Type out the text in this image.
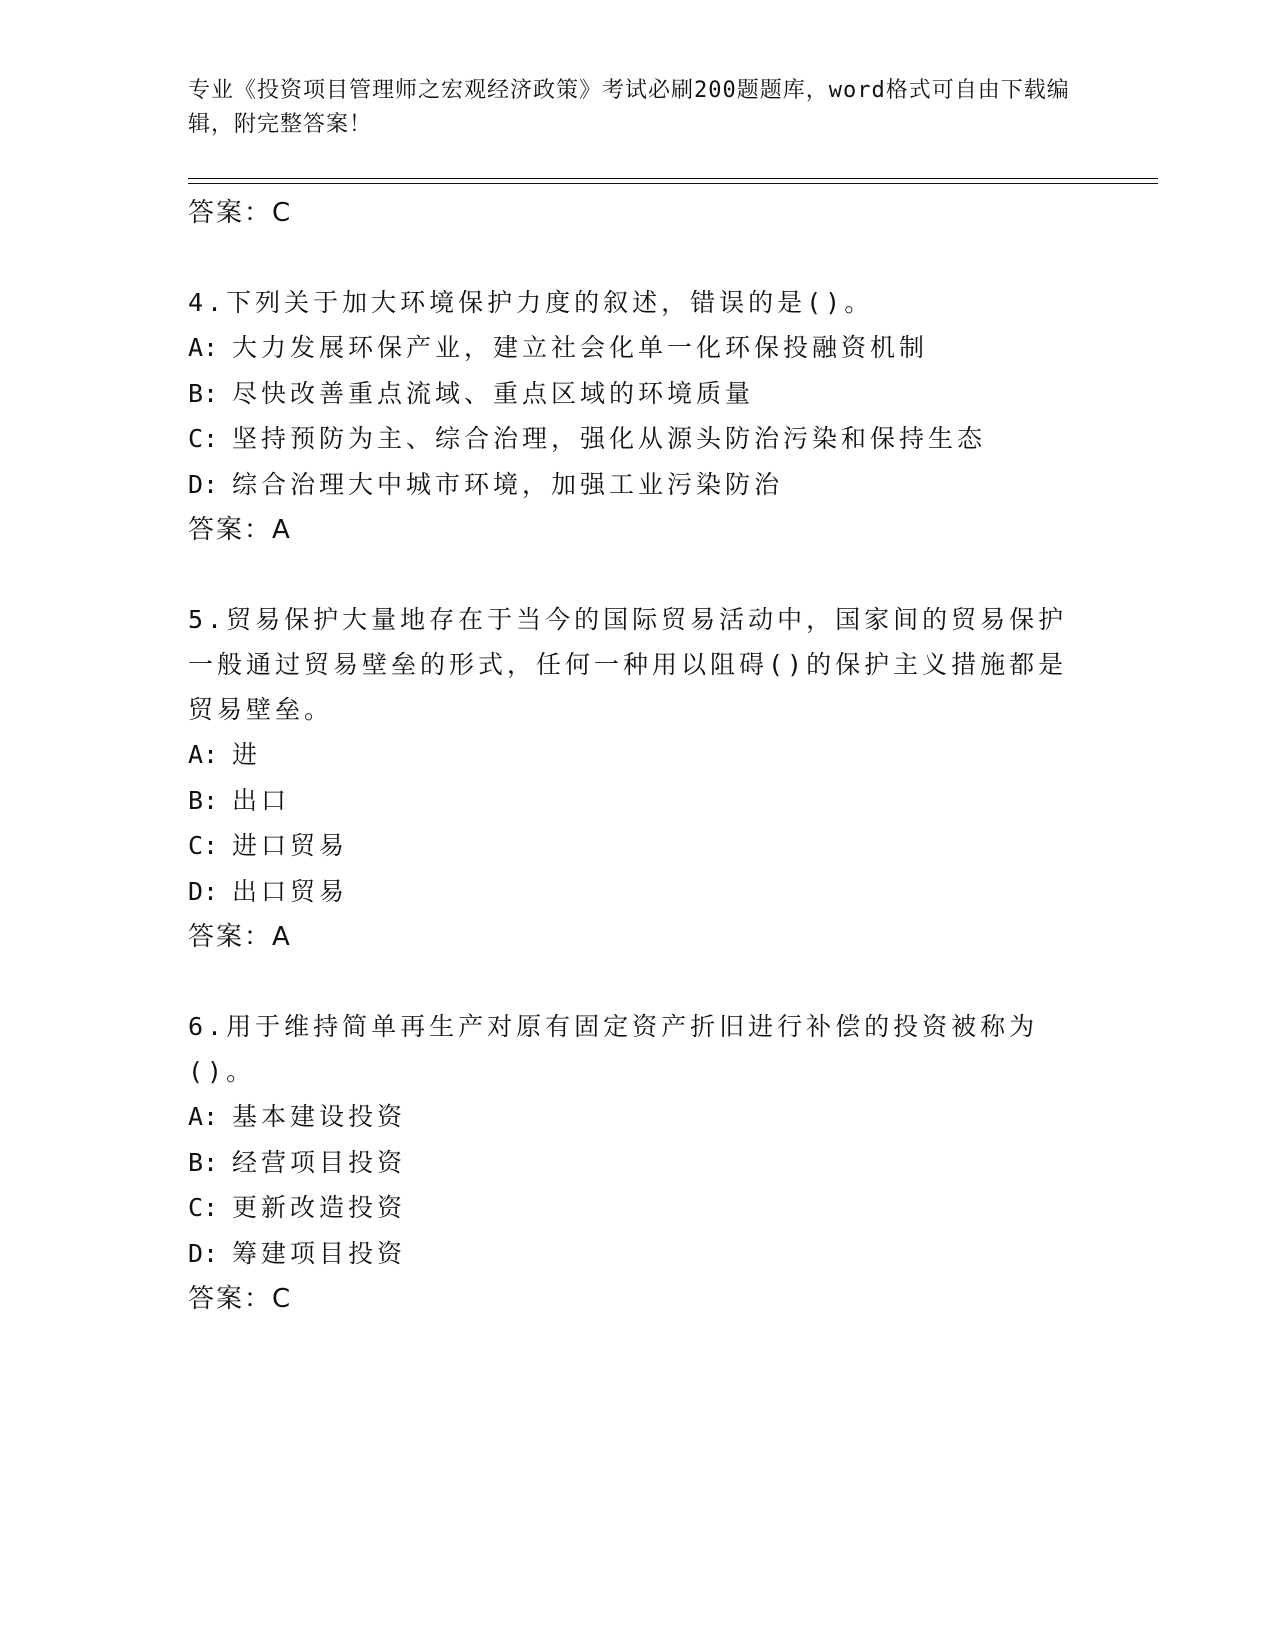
专业《投资项目管理师之宏观经济政策》考试必刷200题题库，word格式可自由下载编辑，附完整答案！
答案：C
4.下列关于加大环境保护力度的叙述，错误的是()。
A: 大力发展环保产业，建立社会化单一化环保投融资机制
B: 尽快改善重点流域、重点区域的环境质量
C: 坚持预防为主、综合治理，强化从源头防治污染和保持生态
D: 综合治理大中城市环境，加强工业污染防治
答案：A
5.贸易保护大量地存在于当今的国际贸易活动中，国家间的贸易保护一般通过贸易壁垒的形式，任何一种用以阻碍()的保护主义措施都是贸易壁垒。
A: 进
B: 出口
C: 进口贸易
D: 出口贸易
答案：A
6.用于维持简单再生产对原有固定资产折旧进行补偿的投资被称为()。
A: 基本建设投资
B: 经营项目投资
C: 更新改造投资
D: 筹建项目投资
答案：C
